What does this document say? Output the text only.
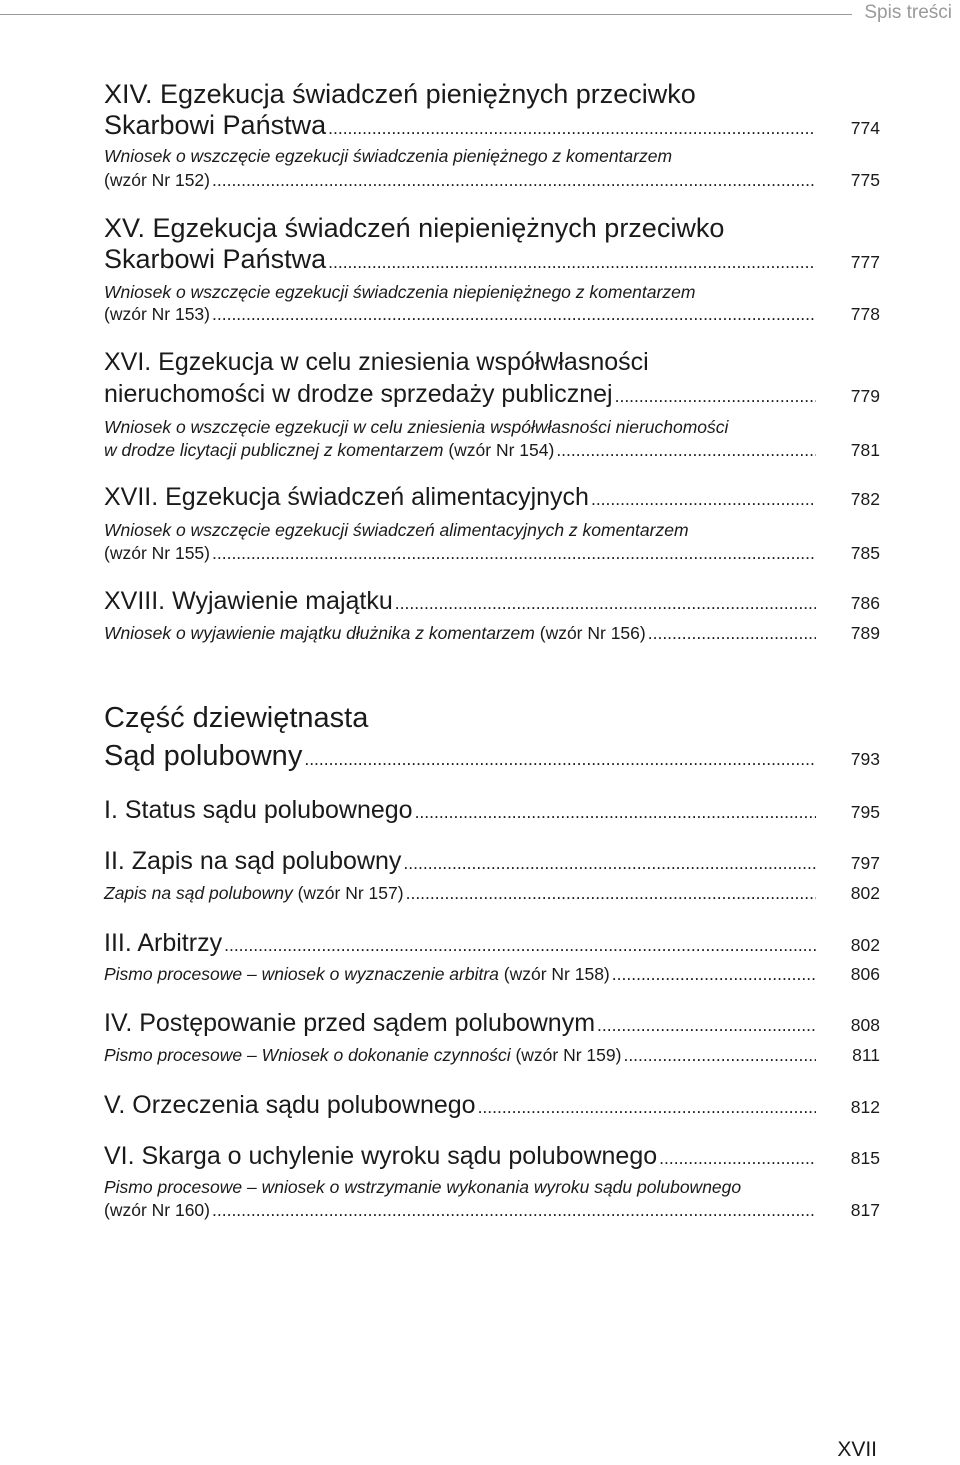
Spis treści
XIV. Egzekucja świadczeń pieniężnych przeciwko
Skarbowi Państwa .....	774
Wniosek o wszczęcie egzekucji świadczenia pieniężnego z komentarzem
(wzór Nr 152) .....	775
XV. Egzekucja świadczeń niepieniężnych przeciwko
Skarbowi Państwa .....	777
Wniosek o wszczęcie egzekucji świadczenia niepieniężnego z komentarzem
(wzór Nr 153) .....	778
XVI. Egzekucja w celu zniesienia współwłasności
nieruchomości w drodze sprzedaży publicznej .....	779
Wniosek o wszczęcie egzekucji w celu zniesienia współwłasności nieruchomości
w drodze licytacji publicznej z komentarzem (wzór Nr 154) .....	781
XVII. Egzekucja świadczeń alimentacyjnych .....	782
Wniosek o wszczęcie egzekucji świadczeń alimentacyjnych z komentarzem
(wzór Nr 155) .....	785
XVIII. Wyjawienie majątku .....	786
Wniosek o wyjawienie majątku dłużnika z komentarzem (wzór Nr 156) .....	789
Część dziewiętnasta
Sąd polubowny .....	793
I. Status sądu polubownego .....	795
II. Zapis na sąd polubowny .....	797
Zapis na sąd polubowny (wzór Nr 157) .....	802
III. Arbitrzy .....	802
Pismo procesowe – wniosek o wyznaczenie arbitra (wzór Nr 158) .....	806
IV. Postępowanie przed sądem polubownym .....	808
Pismo procesowe – Wniosek o dokonanie czynności (wzór Nr 159) .....	811
V. Orzeczenia sądu polubownego .....	812
VI. Skarga o uchylenie wyroku sądu polubownego .....	815
Pismo procesowe – wniosek o wstrzymanie wykonania wyroku sądu polubownego
(wzór Nr 160) .....	817
XVII
